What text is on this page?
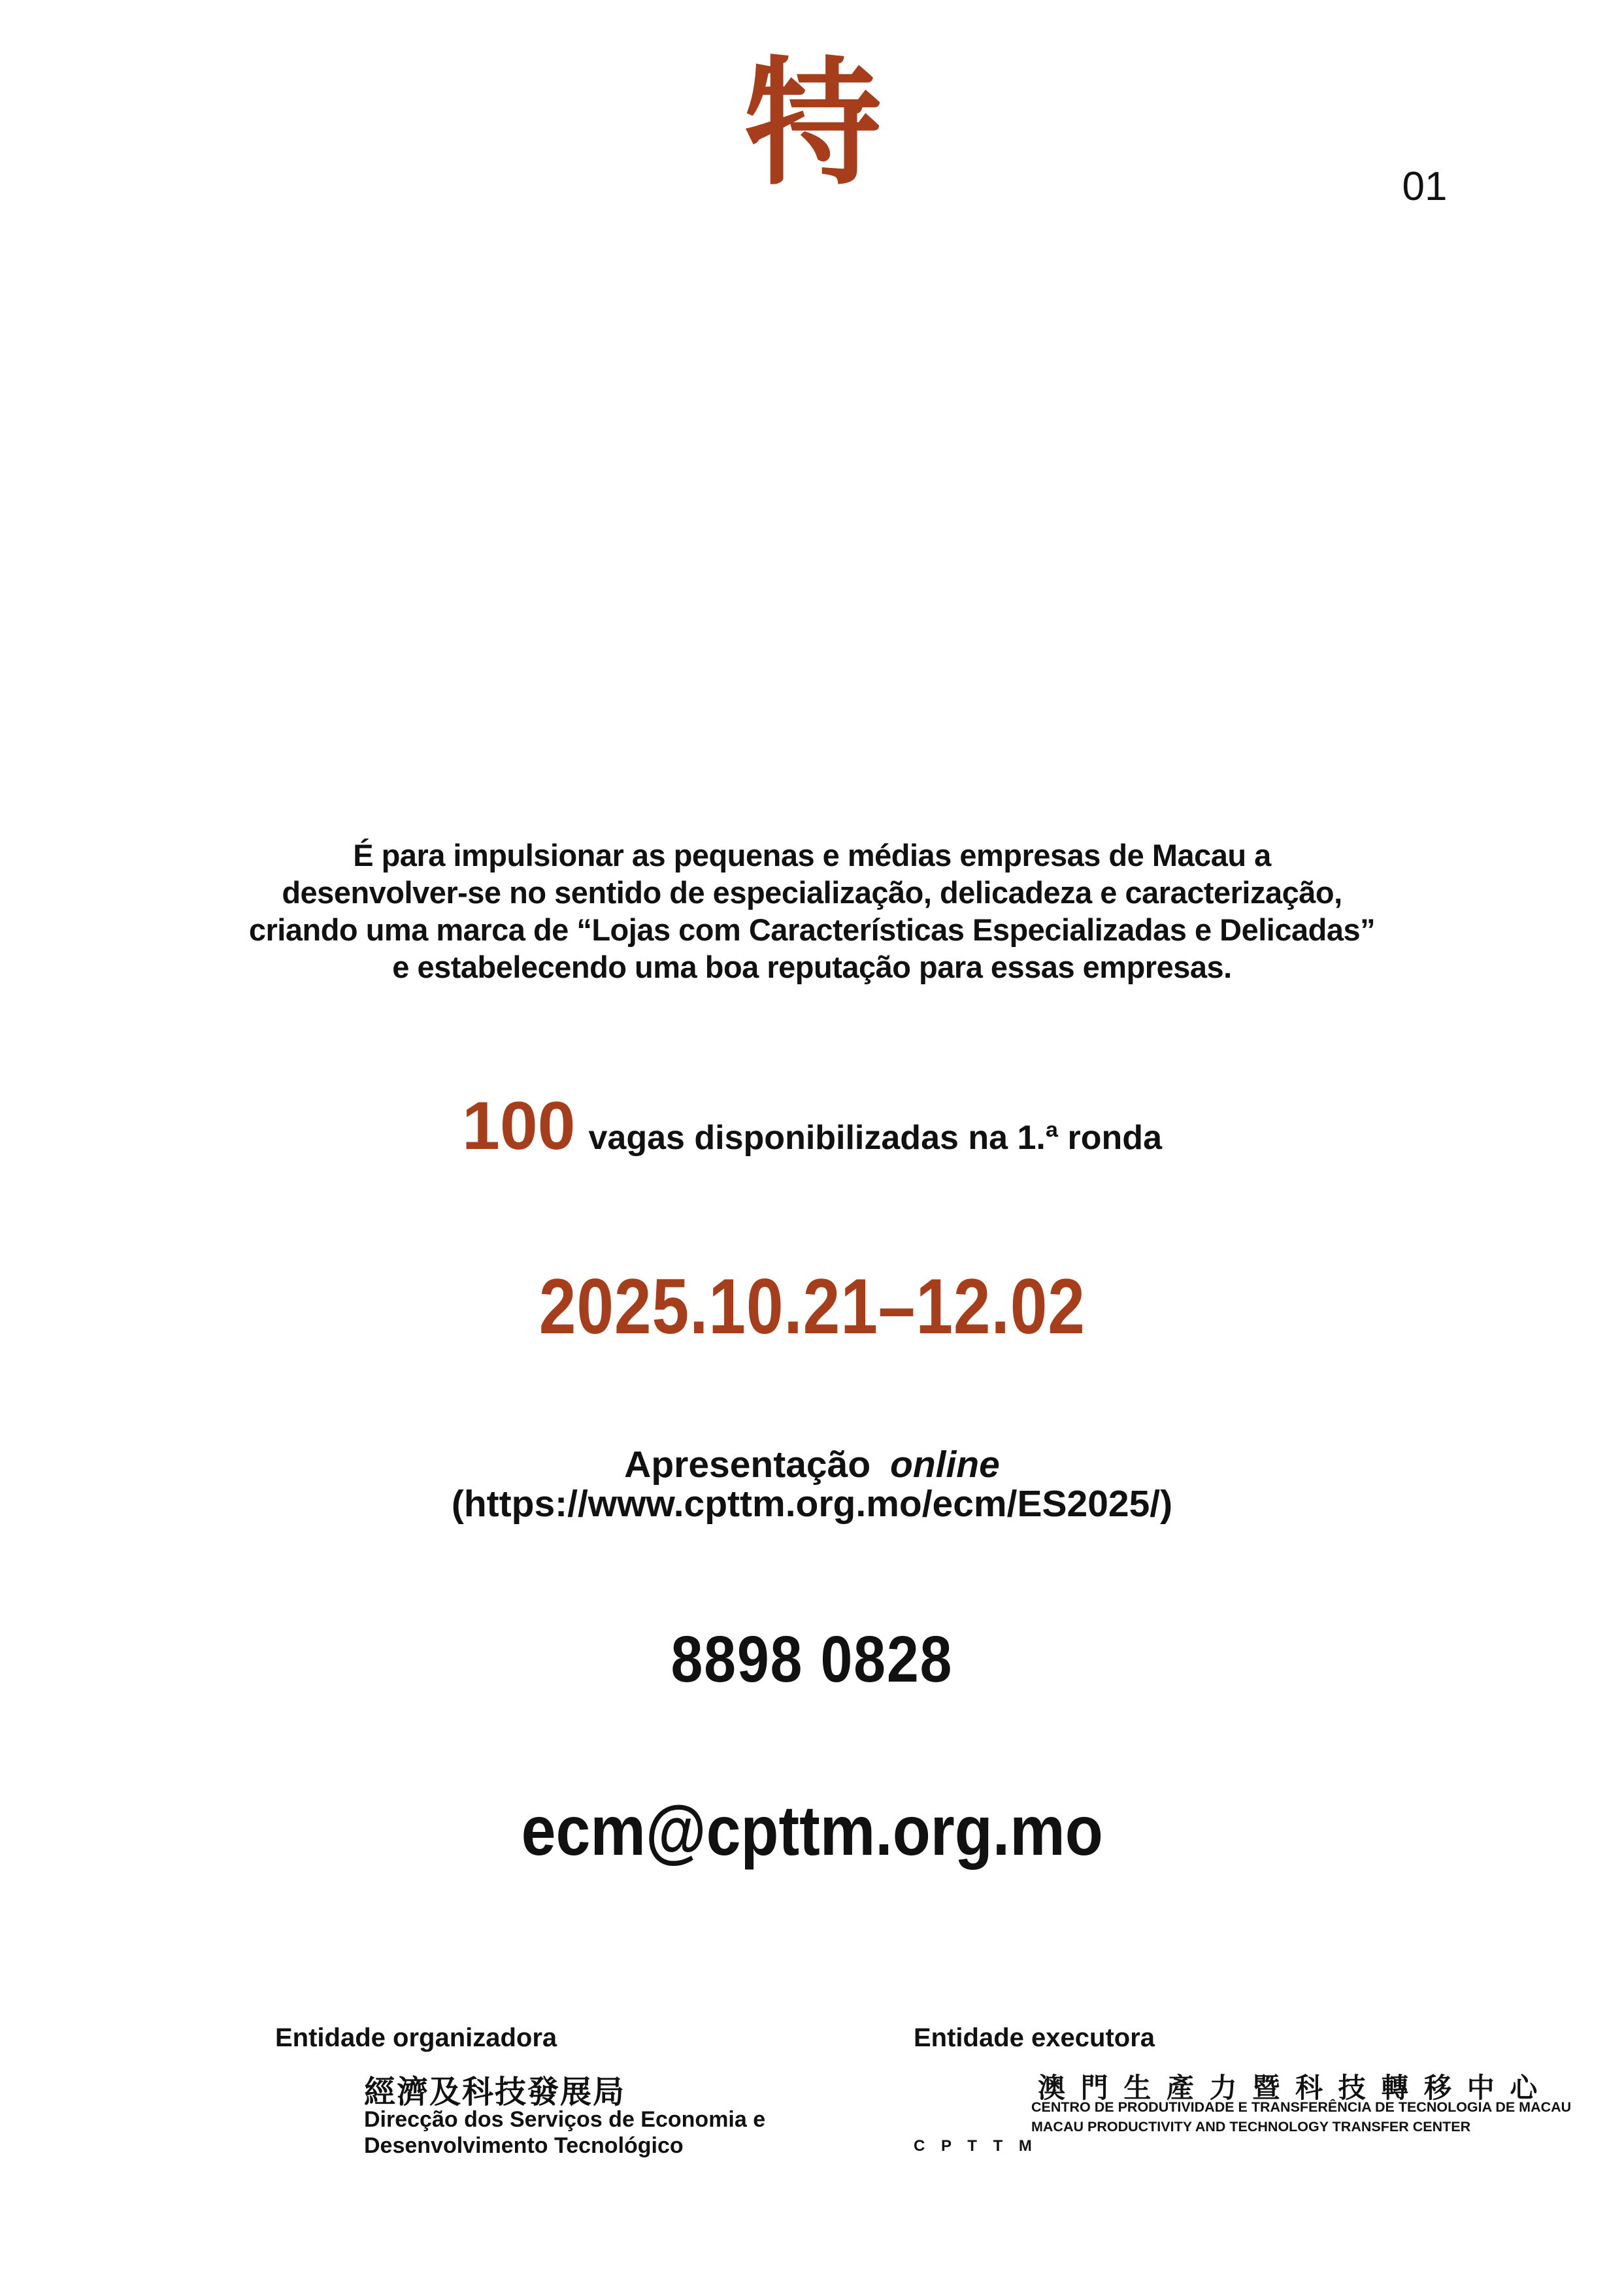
01
特
PLANO DE APOIO FINANCEIRO ÀS
LOJAS COM CARACTERÍSTICAS
ESPECIALIZADAS E DELICADAS
FINALIDADE
É para impulsionar as pequenas e médias empresas de Macau a
desenvolver-se no sentido de especialização, delicadeza e caracterização,
criando uma marca de “Lojas com Características Especializadas e Delicadas”
e estabelecendo uma boa reputação para essas empresas.
NÚMERO DE VAGAS
100 vagas disponibilizadas na 1.ª ronda
PERÍODO DA 1.ª RONDA DE CANDIDATURAS
2025.10.21–12.02
FORMA DE CANDIDATURA
Apresentação online
(https://www.cpttm.org.mo/ecm/ES2025/)
TELEFONE DE CONSULTA
8898 0828
CORREIO ELECTRÓNICO
ecm@cpttm.org.mo
WEBSITE	REGULAMENTO
Entidade organizadora
經濟及科技發展局
Direcção dos Serviços de Economia e
Desenvolvimento Tecnológico
Entidade executora
C P T T M
澳 門 生 產 力 暨 科 技 轉 移 中 心
CENTRO DE PRODUTIVIDADE E TRANSFERÊNCIA DE TECNOLOGIA DE MACAU
MACAU PRODUCTIVITY AND TECHNOLOGY TRANSFER CENTER
